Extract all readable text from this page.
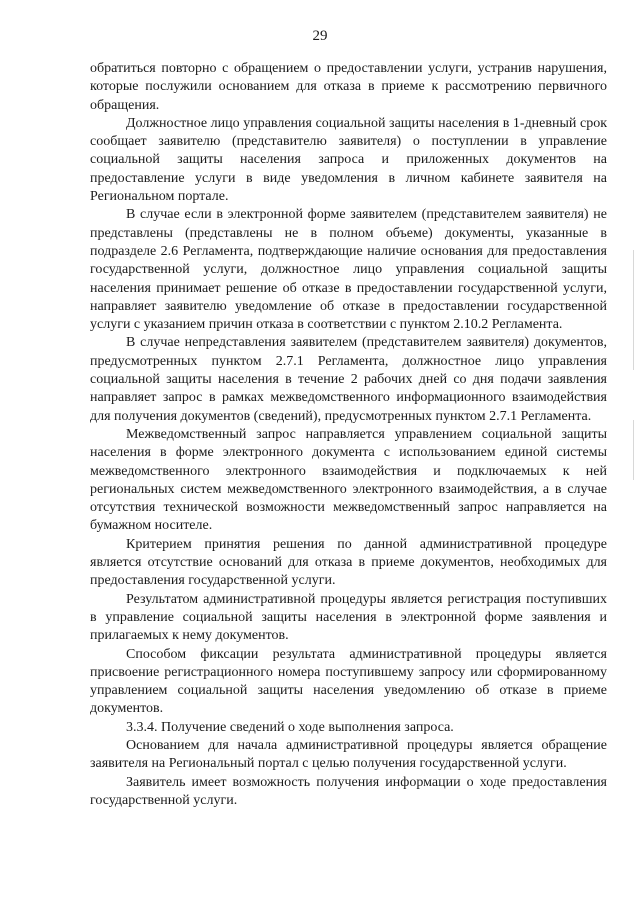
29

обратиться повторно с обращением о предоставлении услуги, устранив нарушения, которые послужили основанием для отказа в приеме к рассмотрению первичного обращения.

Должностное лицо управления социальной защиты населения в 1-дневный срок сообщает заявителю (представителю заявителя) о поступлении в управление социальной защиты населения запроса и приложенных документов на предоставление услуги в виде уведомления в личном кабинете заявителя на Региональном портале.

В случае если в электронной форме заявителем (представителем заявителя) не представлены (представлены не в полном объеме) документы, указанные в подразделе 2.6 Регламента, подтверждающие наличие основания для предоставления государственной услуги, должностное лицо управления социальной защиты населения принимает решение об отказе в предоставлении государственной услуги, направляет заявителю уведомление об отказе в предоставлении государственной услуги с указанием причин отказа в соответствии с пунктом 2.10.2 Регламента.

В случае непредставления заявителем (представителем заявителя) документов, предусмотренных пунктом 2.7.1 Регламента, должностное лицо управления социальной защиты населения в течение 2 рабочих дней со дня подачи заявления направляет запрос в рамках межведомственного информационного взаимодействия для получения документов (сведений), предусмотренных пунктом 2.7.1 Регламента.

Межведомственный запрос направляется управлением социальной защиты населения в форме электронного документа с использованием единой системы межведомственного электронного взаимодействия и подключаемых к ней региональных систем межведомственного электронного взаимодействия, а в случае отсутствия технической возможности межведомственный запрос направляется на бумажном носителе.

Критерием принятия решения по данной административной процедуре является отсутствие оснований для отказа в приеме документов, необходимых для предоставления государственной услуги.

Результатом административной процедуры является регистрация поступивших в управление социальной защиты населения в электронной форме заявления и прилагаемых к нему документов.

Способом фиксации результата административной процедуры является присвоение регистрационного номера поступившему запросу или сформированному управлением социальной защиты населения уведомлению об отказе в приеме документов.

3.3.4. Получение сведений о ходе выполнения запроса.

Основанием для начала административной процедуры является обращение заявителя на Региональный портал с целью получения государственной услуги.

Заявитель имеет возможность получения информации о ходе предоставления государственной услуги.
